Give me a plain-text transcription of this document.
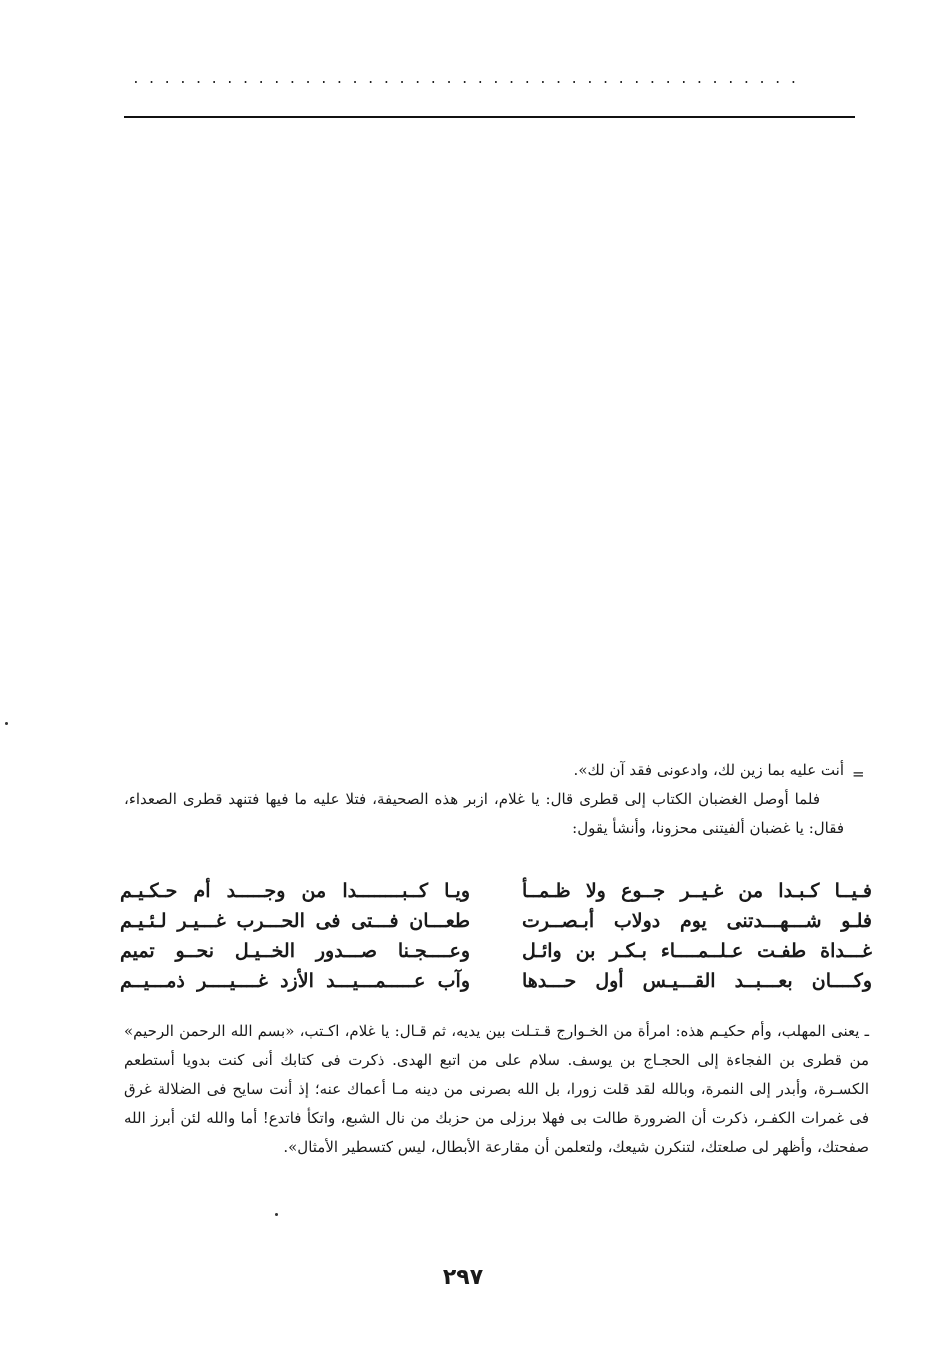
. . . . . . . . . . . . . . . . . . . . . . . . . . . . . . . . . . . . . . . . . . .
=

أنت عليه بما زين لك، وادعونى فقد آن لك».

فلما أوصل الغضبان الكتاب إلى قطرى قال: يا غلام، ازبر هذه الصحيفة، فتلا عليه ما فيها فتنهد قطرى الصعداء، فقال: يا غضبان ألفيتنى محزونا، وأنشأ يقول:

فـيــا كـبـدا من غـيــر جــوع ولا ظـمــأ
ويـا كــبــــــــدا من وجـــــد أم حـكـيـم
فلـو شـــهـــدتنى يوم دولاب أبـصــرت
طعـــان فـــتى فى الحـــرب غـــيـر لـئـيـم
غـــداة طفـت عـلــمــــاء بـكـر بن وائـل
وعــــجـنا صـــدور الخــيـل نحــو تميم
وكــــان بعـــبــد القـــيـس أول حـــدها
وآب عـــــمـــيـــد الأزد غــــيــــر ذمـــيــم

ـ يعنى المهلب، وأم حكيـم هذه: امرأة من الخـوارج قـتـلت بين يديه، ثم قـال: يا غلام، اكـتب، «بسم الله الرحمن الرحيم» من قطرى بن الفجاءة إلى الحجـاج بن يوسف. سلام على من اتبع الهدى. ذكرت فى كتابك أنى كنت بدويا أستطعم الكسـرة، وأبدر إلى النمرة، وبالله لقد قلت زورا، بل الله بصرنى من دينه مـا أعماك عنه؛ إذ أنت سايح فى الضلالة غرق فى غمرات الكفـر، ذكرت أن الضرورة طالت بى فهلا برزلى من حزبك من نال الشبع، واتكأ فاتدع! أما والله لئن أبرز الله صفحتك، وأظهر لى صلعتك، لتنكرن شيعك، ولتعلمن أن مقارعة الأبطال، ليس كتسطير الأمثال».

٢٩٧
